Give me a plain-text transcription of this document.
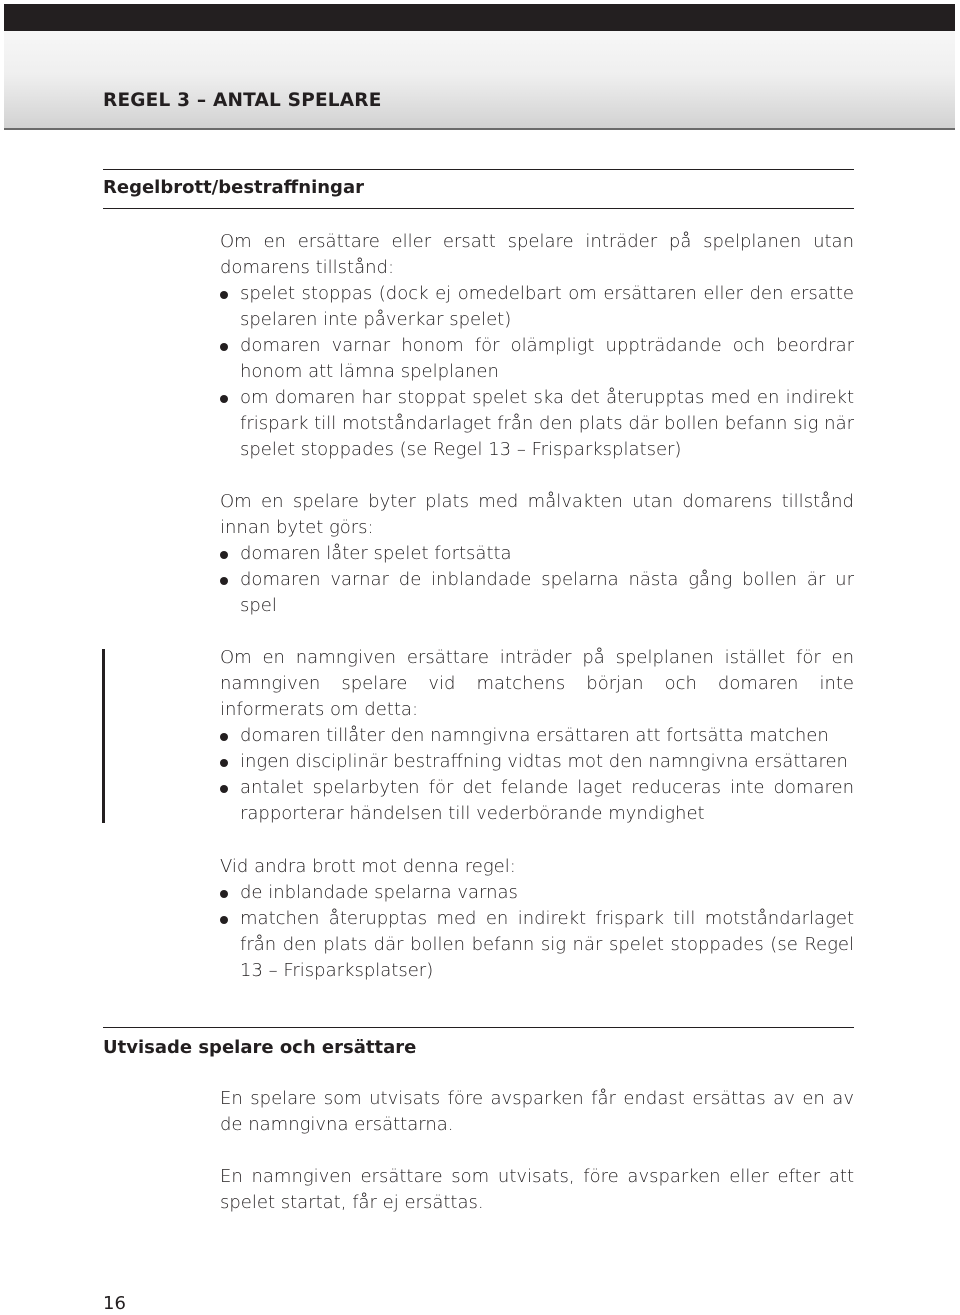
REGEL 3 – ANTAL SPELARE
Regelbrott/bestraffningar

Om en ersättare eller ersatt spelare inträder på spelplanen utan domarens tillstånd:

spelet stoppas (dock ej omedelbart om ersättaren eller den ersatte spelaren inte påverkar spelet)
domaren varnar honom för olämpligt uppträdande och beordrar honom att lämna spelplanen
om domaren har stoppat spelet ska det återupptas med en indirekt frispark till motståndarlaget från den plats där bollen befann sig när spelet stoppades (se Regel 13 – Frisparksplatser)

Om en spelare byter plats med målvakten utan domarens tillstånd innan bytet görs:

domaren låter spelet fortsätta
domaren varnar de inblandade spelarna nästa gång bollen är ur spel

Om en namngiven ersättare inträder på spelplanen istället för en namngiven spelare vid matchens början och domaren inte informerats om detta:

domaren tillåter den namngivna ersättaren att fortsätta matchen
ingen disciplinär bestraffning vidtas mot den namngivna ersättaren
antalet spelarbyten för det felande laget reduceras inte domaren rapporterar händelsen till vederbörande myndighet

Vid andra brott mot denna regel:

de inblandade spelarna varnas
matchen återupptas med en indirekt frispark till motståndarlaget från den plats där bollen befann sig när spelet stoppades (se Regel 13 – Frisparksplatser)
Utvisade spelare och ersättare

En spelare som utvisats före avsparken får endast ersättas av en av de namngivna ersättarna.

En namngiven ersättare som utvisats, före avsparken eller efter att spelet startat, får ej ersättas.

16
